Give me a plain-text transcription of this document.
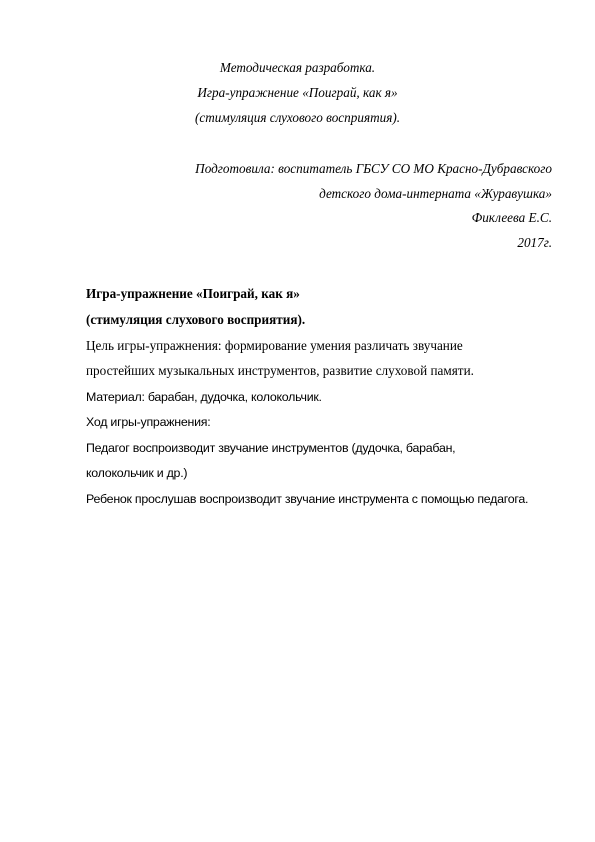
Методическая разработка.
Игра-упражнение «Поиграй, как я»
(стимуляция слухового восприятия).
Подготовила: воспитатель ГБСУ СО МО Красно-Дубравского
детского дома-интерната «Журавушка»
Фиклеева Е.С.
2017г.
Игра-упражнение «Поиграй, как я»
(стимуляция слухового восприятия).
Цель игры-упражнения: формирование умения различать звучание
простейших музыкальных инструментов, развитие слуховой памяти.
Материал: барабан, дудочка, колокольчик.
Ход игры-упражнения:
Педагог воспроизводит звучание инструментов (дудочка, барабан,
колокольчик и др.)
Ребенок прослушав воспроизводит звучание инструмента с помощью педагога.
